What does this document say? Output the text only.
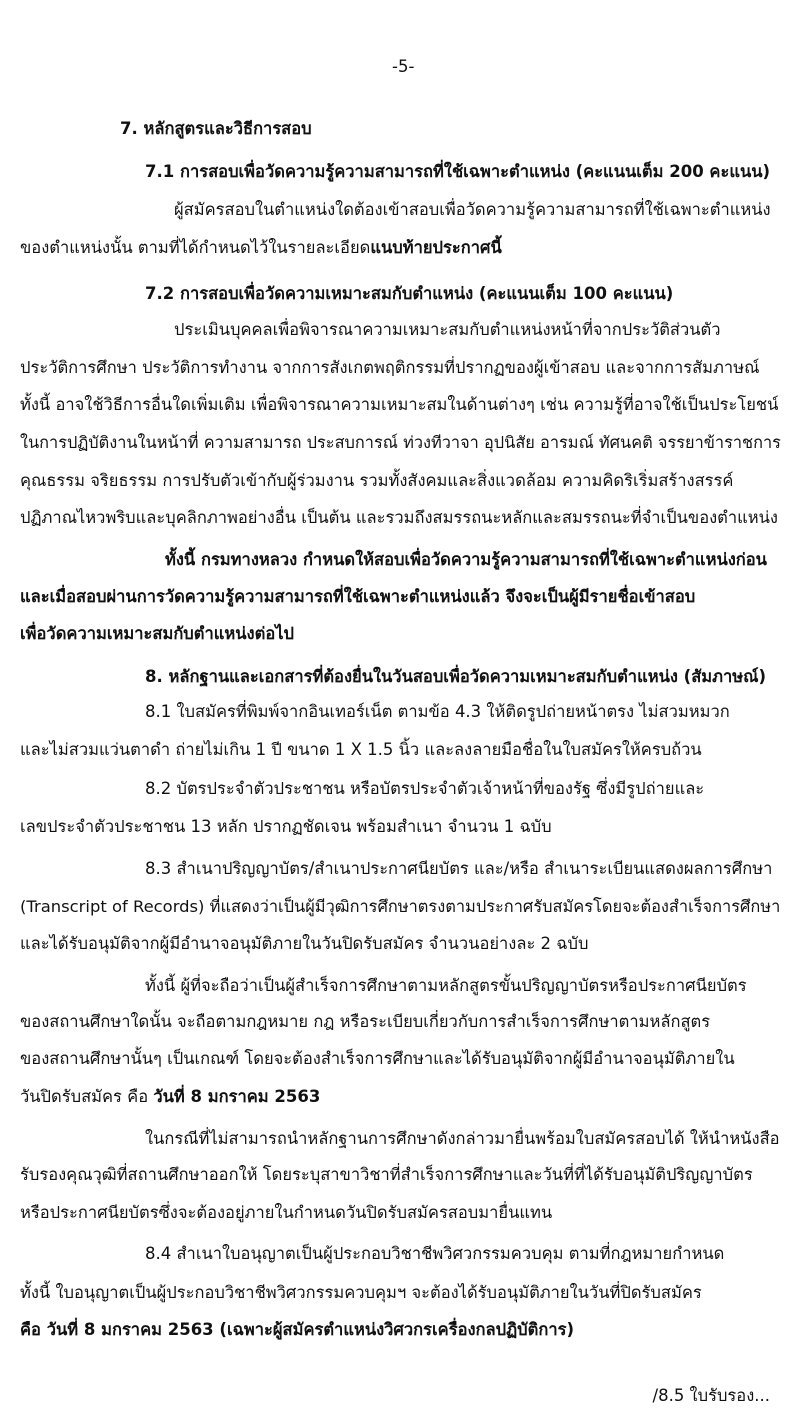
-5-
7. หลักสูตรและวิธีการสอบ
7.1 การสอบเพื่อวัดความรู้ความสามารถที่ใช้เฉพาะตำแหน่ง (คะแนนเต็ม 200 คะแนน)
ผู้สมัครสอบในตำแหน่งใดต้องเข้าสอบเพื่อวัดความรู้ความสามารถที่ใช้เฉพาะตำแหน่ง
ของตำแหน่งนั้น ตามที่ได้กำหนดไว้ในรายละเอียดแนบท้ายประกาศนี้
7.2 การสอบเพื่อวัดความเหมาะสมกับตำแหน่ง (คะแนนเต็ม 100 คะแนน)
ประเมินบุคคลเพื่อพิจารณาความเหมาะสมกับตำแหน่งหน้าที่จากประวัติส่วนตัว
ประวัติการศึกษา ประวัติการทำงาน จากการสังเกตพฤติกรรมที่ปรากฏของผู้เข้าสอบ และจากการสัมภาษณ์
ทั้งนี้ อาจใช้วิธีการอื่นใดเพิ่มเติม เพื่อพิจารณาความเหมาะสมในด้านต่างๆ เช่น ความรู้ที่อาจใช้เป็นประโยชน์
ในการปฏิบัติงานในหน้าที่ ความสามารถ ประสบการณ์ ท่วงทีวาจา อุปนิสัย อารมณ์ ทัศนคติ จรรยาข้าราชการ
คุณธรรม จริยธรรม การปรับตัวเข้ากับผู้ร่วมงาน รวมทั้งสังคมและสิ่งแวดล้อม ความคิดริเริ่มสร้างสรรค์
ปฏิภาณไหวพริบและบุคลิกภาพอย่างอื่น เป็นต้น และรวมถึงสมรรถนะหลักและสมรรถนะที่จำเป็นของตำแหน่ง
ทั้งนี้ กรมทางหลวง กำหนดให้สอบเพื่อวัดความรู้ความสามารถที่ใช้เฉพาะตำแหน่งก่อน
และเมื่อสอบผ่านการวัดความรู้ความสามารถที่ใช้เฉพาะตำแหน่งแล้ว จึงจะเป็นผู้มีรายชื่อเข้าสอบ
เพื่อวัดความเหมาะสมกับตำแหน่งต่อไป
8. หลักฐานและเอกสารที่ต้องยื่นในวันสอบเพื่อวัดความเหมาะสมกับตำแหน่ง (สัมภาษณ์)
8.1 ใบสมัครที่พิมพ์จากอินเทอร์เน็ต ตามข้อ 4.3 ให้ติดรูปถ่ายหน้าตรง ไม่สวมหมวก
และไม่สวมแว่นตาดำ ถ่ายไม่เกิน 1 ปี ขนาด 1 X 1.5 นิ้ว และลงลายมือชื่อในใบสมัครให้ครบถ้วน
8.2 บัตรประจำตัวประชาชน หรือบัตรประจำตัวเจ้าหน้าที่ของรัฐ ซึ่งมีรูปถ่ายและ
เลขประจำตัวประชาชน 13 หลัก ปรากฏชัดเจน พร้อมสำเนา จำนวน 1 ฉบับ
8.3 สำเนาปริญญาบัตร/สำเนาประกาศนียบัตร และ/หรือ สำเนาระเบียนแสดงผลการศึกษา
(Transcript of Records) ที่แสดงว่าเป็นผู้มีวุฒิการศึกษาตรงตามประกาศรับสมัครโดยจะต้องสำเร็จการศึกษา
และได้รับอนุมัติจากผู้มีอำนาจอนุมัติภายในวันปิดรับสมัคร จำนวนอย่างละ 2 ฉบับ
ทั้งนี้ ผู้ที่จะถือว่าเป็นผู้สำเร็จการศึกษาตามหลักสูตรขั้นปริญญาบัตรหรือประกาศนียบัตร
ของสถานศึกษาใดนั้น จะถือตามกฎหมาย กฎ หรือระเบียบเกี่ยวกับการสำเร็จการศึกษาตามหลักสูตร
ของสถานศึกษานั้นๆ เป็นเกณฑ์ โดยจะต้องสำเร็จการศึกษาและได้รับอนุมัติจากผู้มีอำนาจอนุมัติภายใน
วันปิดรับสมัคร คือ วันที่ 8 มกราคม 2563
ในกรณีที่ไม่สามารถนำหลักฐานการศึกษาดังกล่าวมายื่นพร้อมใบสมัครสอบได้ ให้นำหนังสือ
รับรองคุณวุฒิที่สถานศึกษาออกให้ โดยระบุสาขาวิชาที่สำเร็จการศึกษาและวันที่ที่ได้รับอนุมัติปริญญาบัตร
หรือประกาศนียบัตรซึ่งจะต้องอยู่ภายในกำหนดวันปิดรับสมัครสอบมายื่นแทน
8.4 สำเนาใบอนุญาตเป็นผู้ประกอบวิชาชีพวิศวกรรมควบคุม ตามที่กฎหมายกำหนด
ทั้งนี้ ใบอนุญาตเป็นผู้ประกอบวิชาชีพวิศวกรรมควบคุมฯ จะต้องได้รับอนุมัติภายในวันที่ปิดรับสมัคร
คือ วันที่ 8 มกราคม 2563 (เฉพาะผู้สมัครตำแหน่งวิศวกรเครื่องกลปฏิบัติการ)
/8.5 ใบรับรอง...
